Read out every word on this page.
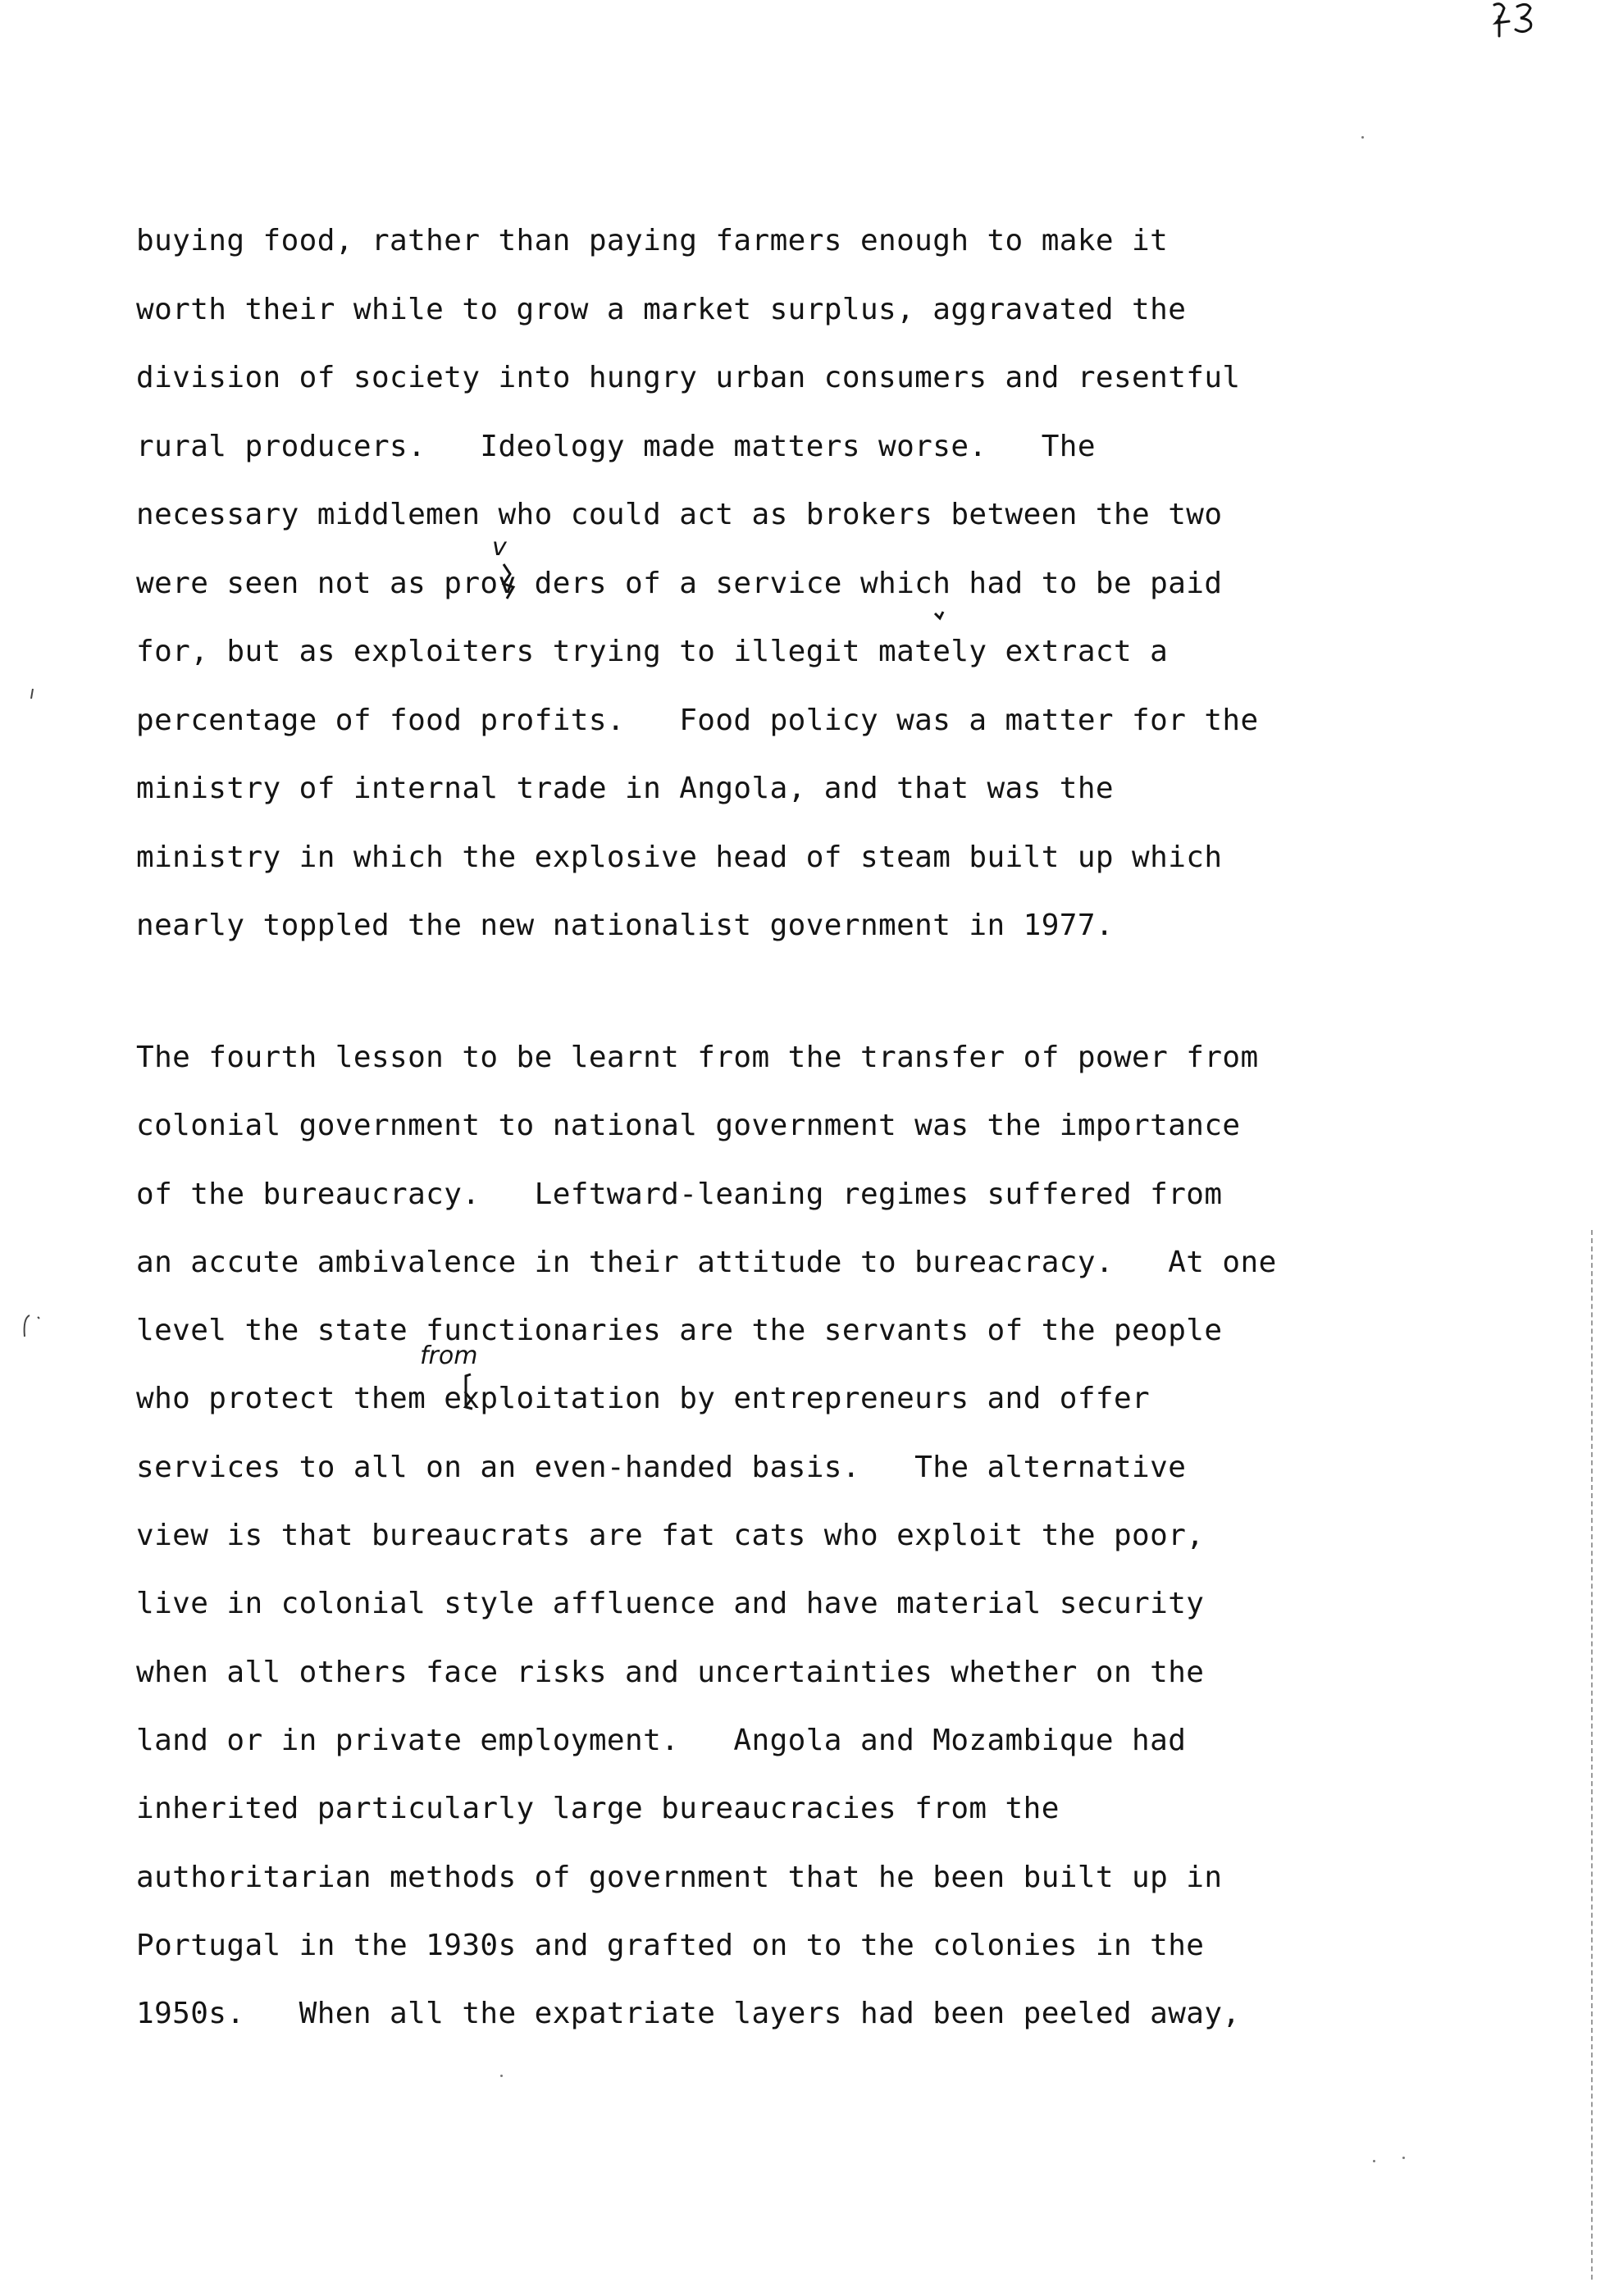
buying food, rather than paying farmers enough to make it
worth their while to grow a market surplus, aggravated the
division of society into hungry urban consumers and resentful
rural producers.   Ideology made matters worse.   The
necessary middlemen who could act as brokers between the two
were seen not as prov ders of a service which had to be paid
for, but as exploiters trying to illegit mately extract a
percentage of food profits.   Food policy was a matter for the
ministry of internal trade in Angola, and that was the
ministry in which the explosive head of steam built up which
nearly toppled the new nationalist government in 1977.
v
The fourth lesson to be learnt from the transfer of power from
colonial government to national government was the importance
of the bureaucracy.   Leftward-leaning regimes suffered from
an accute ambivalence in their attitude to bureacracy.   At one
level the state functionaries are the servants of the people
who protect them exploitation by entrepreneurs and offer
services to all on an even-handed basis.   The alternative
view is that bureaucrats are fat cats who exploit the poor,
live in colonial style affluence and have material security
when all others face risks and uncertainties whether on the
land or in private employment.   Angola and Mozambique had
inherited particularly large bureaucracies from the
authoritarian methods of government that he been built up in
Portugal in the 1930s and grafted on to the colonies in the
1950s.   When all the expatriate layers had been peeled away,
from
